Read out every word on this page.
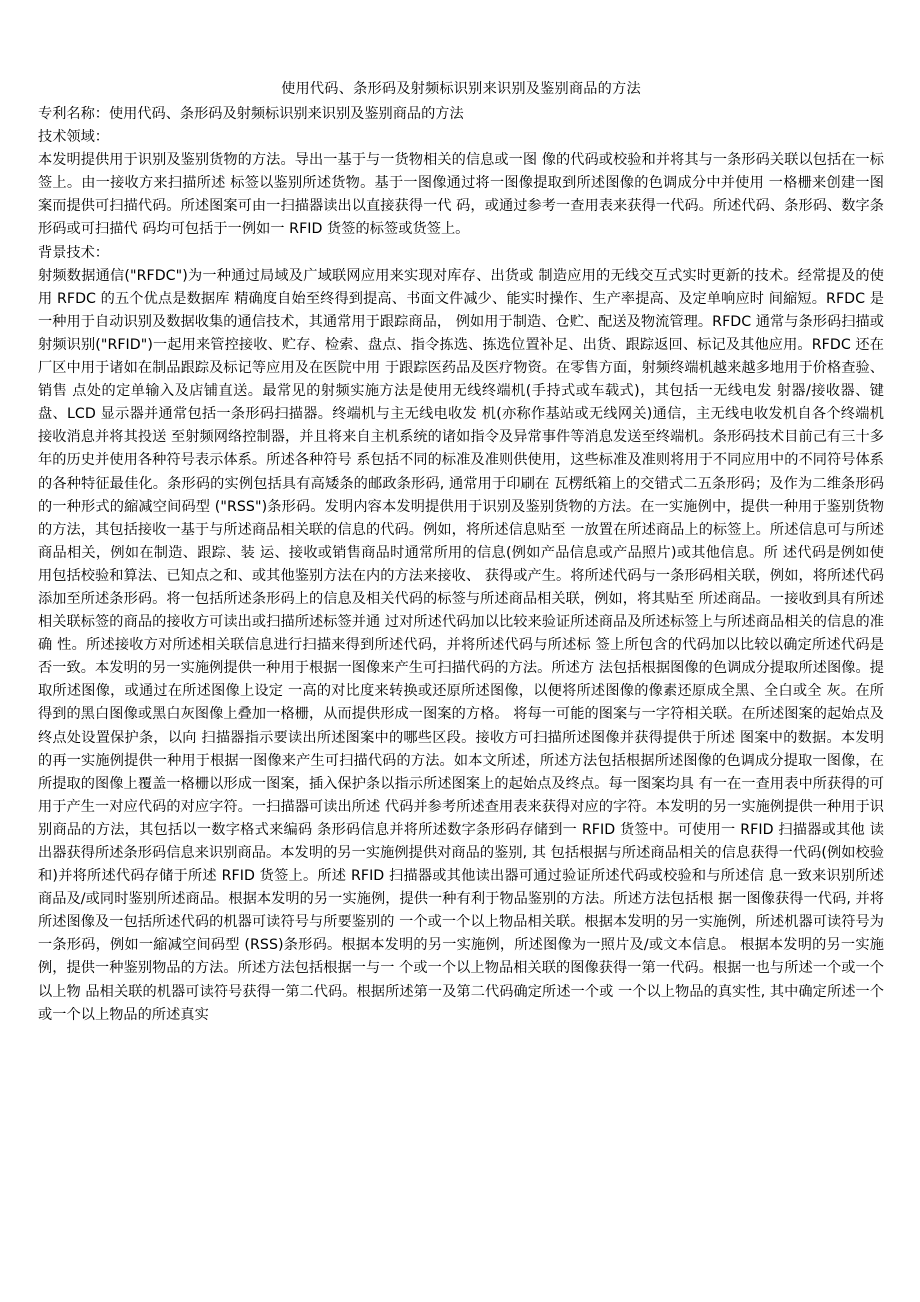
使用代码、条形码及射频标识别来识别及鉴别商品的方法
专利名称：使用代码、条形码及射频标识别来识别及鉴别商品的方法
技术领域：
本发明提供用于识别及鉴别货物的方法。导出一基于与一货物相关的信息或一图 像的代码或校验和并将其与一条形码关联以包括在一标签上。由一接收方来扫描所述 标签以鉴别所述货物。基于一图像通过将一图像提取到所述图像的色调成分中并使用 一格栅来创建一图案而提供可扫描代码。所述图案可由一扫描器读出以直接获得一代 码，或通过参考一查用表来获得一代码。所述代码、条形码、数字条形码或可扫描代 码均可包括于一例如一 RFID 货签的标签或货签上。
背景技术：
射频数据通信("RFDC")为一种通过局域及广域联网应用来实现对库存、出货或 制造应用的无线交互式实时更新的技术。经常提及的使用 RFDC 的五个优点是数据库 精确度自始至终得到提高、书面文件减少、能实时操作、生产率提高、及定单响应时 间縮短。RFDC 是一种用于自动识别及数据收集的通信技术，其通常用于跟踪商品， 例如用于制造、仓贮、配送及物流管理。RFDC 通常与条形码扫描或射频识别("RFID")一起用来管控接收、贮存、检索、盘点、指令拣选、拣选位置补足、出货、跟踪返回、标记及其他应用。RFDC 还在厂区中用于诸如在制品跟踪及标记等应用及在医院中用 于跟踪医药品及医疗物资。在零售方面，射频终端机越来越多地用于价格查验、销售 点处的定单输入及店铺直送。最常见的射频实施方法是使用无线终端机(手持式或车载式)，其包括一无线电发 射器/接收器、键盘、LCD 显示器并通常包括一条形码扫描器。终端机与主无线电收发 机(亦称作基站或无线网关)通信，主无线电收发机自各个终端机接收消息并将其投送 至射频网络控制器，并且将来自主机系统的诸如指令及异常事件等消息发送至终端机。条形码技术目前己有三十多年的历史并使用各种符号表示体系。所述各种符号 系包括不同的标准及准则供使用，这些标准及准则将用于不同应用中的不同符号体系 的各种特征最佳化。条形码的实例包括具有高矮条的邮政条形码, 通常用于印刷在 瓦楞纸箱上的交错式二五条形码；及作为二维条形码的一种形式的縮减空间码型 ("RSS")条形码。发明内容本发明提供用于识别及鉴别货物的方法。在一实施例中，提供一种用于鉴别货物 的方法，其包括接收一基于与所述商品相关联的信息的代码。例如，将所述信息贴至 一放置在所述商品上的标签上。所述信息可与所述商品相关，例如在制造、跟踪、装 运、接收或销售商品时通常所用的信息(例如产品信息或产品照片)或其他信息。所 述代码是例如使用包括校验和算法、已知点之和、或其他鉴别方法在内的方法来接收、 获得或产生。将所述代码与一条形码相关联，例如，将所述代码添加至所述条形码。将一包括所述条形码上的信息及相关代码的标签与所述商品相关联，例如，将其贴至 所述商品。一接收到具有所述相关联标签的商品的接收方可读出或扫描所述标签并通 过对所述代码加以比较来验证所述商品及所述标签上与所述商品相关的信息的准确 性。所述接收方对所述相关联信息进行扫描来得到所述代码，并将所述代码与所述标 签上所包含的代码加以比较以确定所述代码是否一致。本发明的另一实施例提供一种用于根据一图像来产生可扫描代码的方法。所述方 法包括根据图像的色调成分提取所述图像。提取所述图像，或通过在所述图像上设定 一高的对比度来转换或还原所述图像，以便将所述图像的像素还原成全黑、全白或全 灰。在所得到的黑白图像或黑白灰图像上叠加一格栅，从而提供形成一图案的方格。 将每一可能的图案与一字符相关联。在所述图案的起始点及终点处设置保护条，以向 扫描器指示要读出所述图案中的哪些区段。接收方可扫描所述图像并获得提供于所述 图案中的数据。本发明的再一实施例提供一种用于根据一图像来产生可扫描代码的方法。如本文所述，所述方法包括根据所述图像的色调成分提取一图像，在所提取的图像上覆盖一格栅以形成一图案，插入保护条以指示所述图案上的起始点及终点。每一图案均具 有一在一查用表中所获得的可用于产生一对应代码的对应字符。一扫描器可读出所述 代码并参考所述查用表来获得对应的字符。本发明的另一实施例提供一种用于识别商品的方法，其包括以一数字格式来编码 条形码信息并将所述数字条形码存储到一 RFID 货签中。可使用一 RFID 扫描器或其他 读出器获得所述条形码信息来识别商品。本发明的另一实施例提供对商品的鉴别, 其 包括根据与所述商品相关的信息获得一代码(例如校验和)并将所述代码存储于所述 RFID 货签上。所述 RFID 扫描器或其他读出器可通过验证所述代码或校验和与所述信 息一致来识别所述商品及/或同时鉴别所述商品。根据本发明的另一实施例，提供一种有利于物品鉴别的方法。所述方法包括根 据一图像获得一代码, 并将所述图像及一包括所述代码的机器可读符号与所要鉴别的 一个或一个以上物品相关联。根据本发明的另一实施例，所述机器可读符号为一条形码，例如一縮减空间码型 (RSS)条形码。根据本发明的另一实施例，所述图像为一照片及/或文本信息。 根据本发明的另一实施例，提供一种鉴别物品的方法。所述方法包括根据一与一 个或一个以上物品相关联的图像获得一第一代码。根据一也与所述一个或一个以上物 品相关联的机器可读符号获得一第二代码。根据所述第一及第二代码确定所述一个或 一个以上物品的真实性, 其中确定所述一个或一个以上物品的所述真实
